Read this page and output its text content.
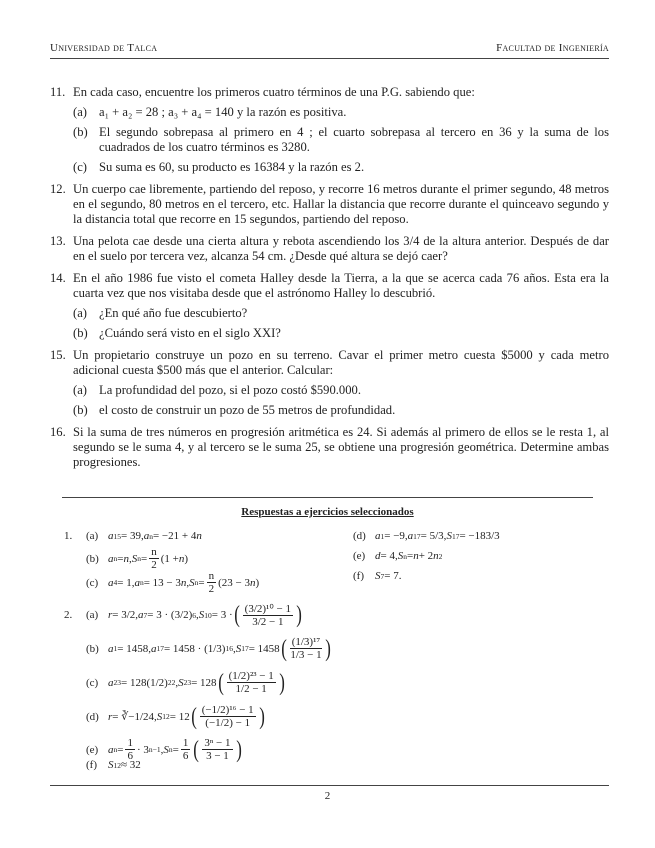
Universidad de Talca	Facultad de Ingeniería
11. En cada caso, encuentre los primeros cuatro términos de una P.G. sabiendo que:
(a) a₁ + a₂ = 28 ; a₃ + a₄ = 140 y la razón es positiva.
(b) El segundo sobrepasa al primero en 4 ; el cuarto sobrepasa al tercero en 36 y la suma de los cuadrados de los cuatro términos es 3280.
(c) Su suma es 60, su producto es 16384 y la razón es 2.
12. Un cuerpo cae libremente, partiendo del reposo, y recorre 16 metros durante el primer segundo, 48 metros en el segundo, 80 metros en el tercero, etc. Hallar la distancia que recorre durante el quinceavo segundo y la distancia total que recorre en 15 segundos, partiendo del reposo.
13. Una pelota cae desde una cierta altura y rebota ascendiendo los 3/4 de la altura anterior. Después de dar en el suelo por tercera vez, alcanza 54 cm. ¿Desde qué altura se dejó caer?
14. En el año 1986 fue visto el cometa Halley desde la Tierra, a la que se acerca cada 76 años. Esta era la cuarta vez que nos visitaba desde que el astrónomo Halley lo descubrió.
(a) ¿En qué año fue descubierto?
(b) ¿Cuándo será visto en el siglo XXI?
15. Un propietario construye un pozo en su terreno. Cavar el primer metro cuesta $5000 y cada metro adicional cuesta $500 más que el anterior. Calcular:
(a) La profundidad del pozo, si el pozo costó $590.000.
(b) el costo de construir un pozo de 55 metros de profundidad.
16. Si la suma de tres números en progresión aritmética es 24. Si además al primero de ellos se le resta 1, al segundo se le suma 4, y al tercero se le suma 25, se obtiene una progresión geométrica. Determine ambas progresiones.
Respuestas a ejercicios seleccionados
1. (a) a 15 = 39, a n = −21 + 4 n
(b) a n = n , S $n = \frac{n}{2} (1 + n$ )
(c) a 4 = 1, a n = 13 − 3 n , S $n = \frac{n}{2} (23 - 3$ n )
(d) a 1 = −9, a 17 = 5/3, S 17 = −183/3
(e) d = 4, S n = n + 2 n 2
(f)	S 7 = 7.
2. (a) r = 3/2, a 7 = 3 · (3/2) 6 , S 10 = 3 · ( $\frac{\text{(3/2)¹⁰ − 1}}{3/2 - 1}$ )
(b) a 1 = 1458, a 17 = 1458 · (1/3) 16 , S 17 = 1458 ( $\frac{\text{(1/3)¹⁷}}{1/3 - 1}$ )
(c) a 23 = 128(1/2) 22 , S 23 = 128 ( $\frac{\text{(1/2)²³ − 1}}{1/2 - 1}$ )
(d) r = ∛−1/24, S 12 = 12 ( $\frac{\text{(−1/2)¹⁶ − 1}}{(-1/2) - 1}$ )
(e) a $n = \frac{1}{6} \cdot 3$ n−1 , S $n = \frac{1}{6}$ ( $\frac{\text{3ⁿ − 1}}{3 - 1}$ )
(f)	S 12 ≈ 32
2
